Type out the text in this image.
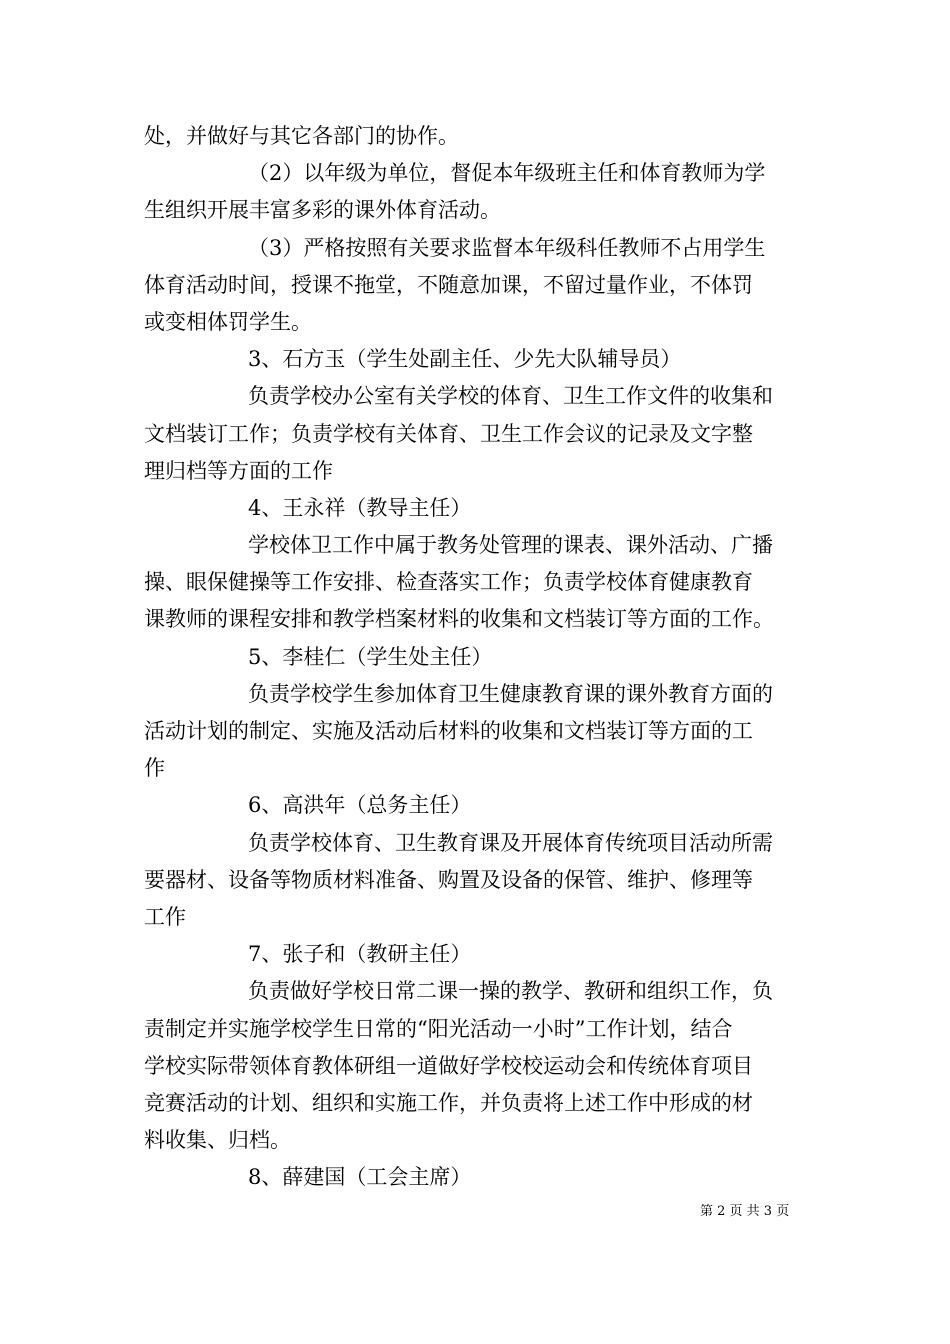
处，并做好与其它各部门的协作。
（2）以年级为单位，督促本年级班主任和体育教师为学
生组织开展丰富多彩的课外体育活动。
（3）严格按照有关要求监督本年级科任教师不占用学生
体育活动时间，授课不拖堂，不随意加课，不留过量作业，不体罚
或变相体罚学生。
3、石方玉（学生处副主任、少先大队辅导员）
负责学校办公室有关学校的体育、卫生工作文件的收集和
文档装订工作；负责学校有关体育、卫生工作会议的记录及文字整
理归档等方面的工作
4、王永祥（教导主任）
学校体卫工作中属于教务处管理的课表、课外活动、广播
操、眼保健操等工作安排、检查落实工作；负责学校体育健康教育
课教师的课程安排和教学档案材料的收集和文档装订等方面的工作。
5、李桂仁（学生处主任）
负责学校学生参加体育卫生健康教育课的课外教育方面的
活动计划的制定、实施及活动后材料的收集和文档装订等方面的工
作
6、高洪年（总务主任）
负责学校体育、卫生教育课及开展体育传统项目活动所需
要器材、设备等物质材料准备、购置及设备的保管、维护、修理等
工作
7、张子和（教研主任）
负责做好学校日常二课一操的教学、教研和组织工作，负
责制定并实施学校学生日常的“阳光活动一小时”工作计划，结合
学校实际带领体育教体研组一道做好学校校运动会和传统体育项目
竞赛活动的计划、组织和实施工作，并负责将上述工作中形成的材
料收集、归档。
8、薛建国（工会主席）
第 2 页 共 3 页
